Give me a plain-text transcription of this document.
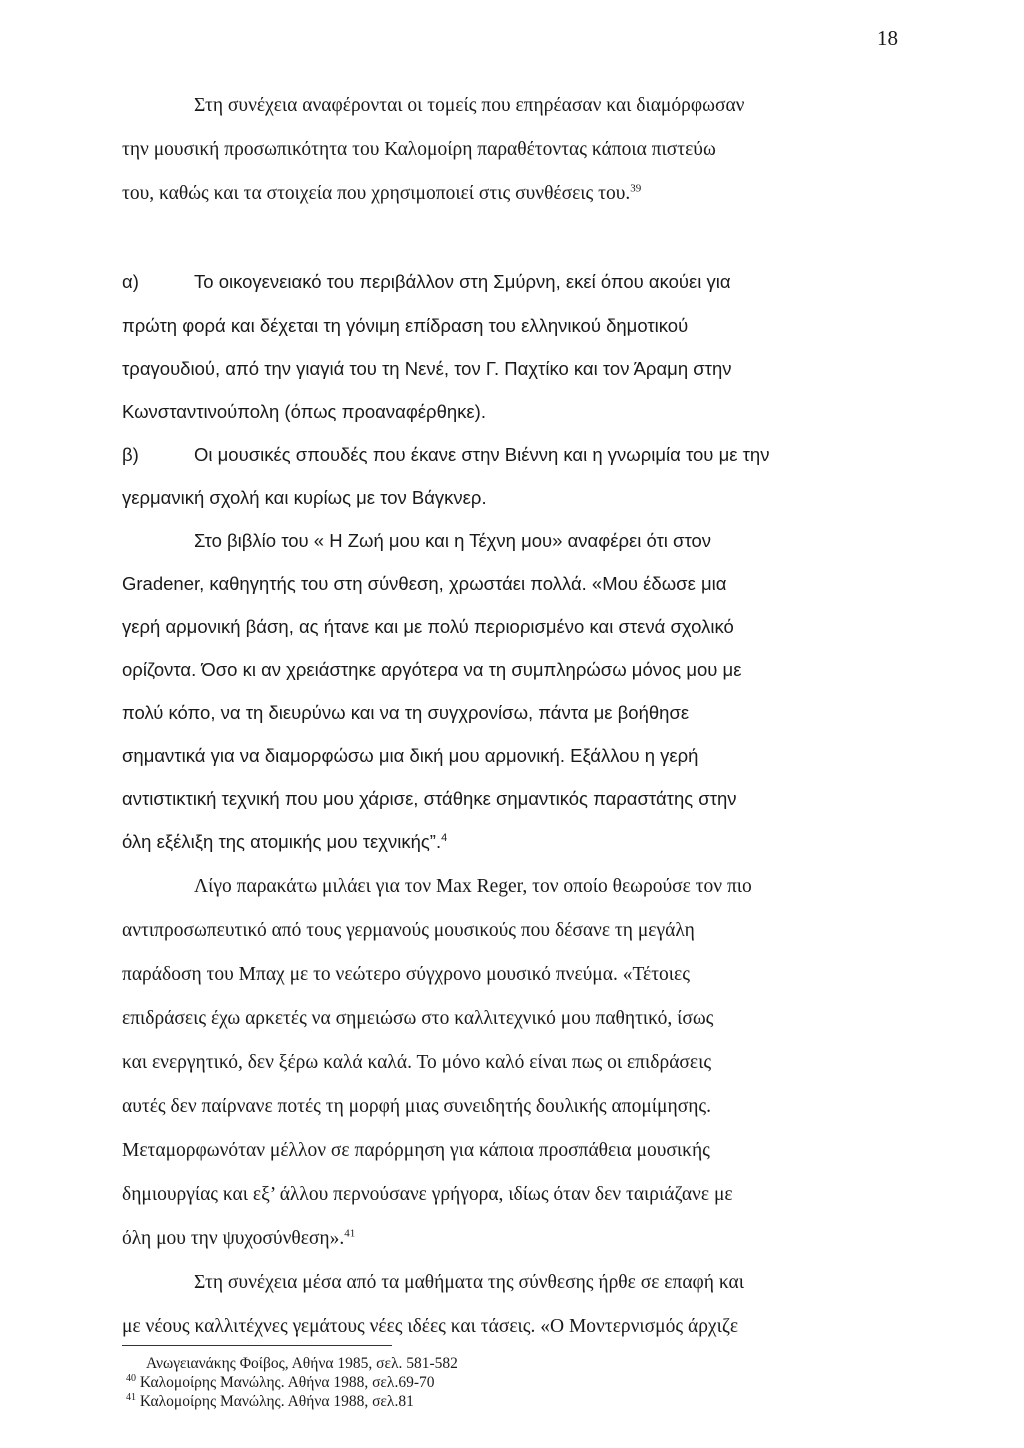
18
Στη συνέχεια αναφέρονται οι τομείς που επηρέασαν και διαμόρφωσαν
την μουσική προσωπικότητα του Καλομοίρη παραθέτοντας κάποια πιστεύω
του, καθώς και τα στοιχεία που χρησιμοποιεί στις συνθέσεις του.$^{39}$
α)	Το οικογενειακό του περιβάλλον στη Σμύρνη, εκεί όπου ακούει για
πρώτη φορά και δέχεται τη γόνιμη επίδραση του ελληνικού δημοτικού
τραγουδιού, από την γιαγιά του τη Νενέ, τον Γ. Παχτίκο και τον Άραμη στην
Κωνσταντινούπολη (όπως προαναφέρθηκε).
β)	Οι μουσικές σπουδές που έκανε στην Βιέννη και η γνωριμία του με την
γερμανική σχολή και κυρίως με τον Βάγκνερ.
Στο βιβλίο του « Η Ζωή μου και η Τέχνη μου» αναφέρει ότι στον
Gradener, καθηγητής του στη σύνθεση, χρωστάει πολλά. «Μου έδωσε μια
γερή αρμονική βάση, ας ήτανε και με πολύ περιορισμένο και στενά σχολικό
ορίζοντα. Όσο κι αν χρειάστηκε αργότερα να τη συμπληρώσω μόνος μου με
πολύ κόπο, να τη διευρύνω και να τη συγχρονίσω, πάντα με βοήθησε
σημαντικά για να διαμορφώσω μια δική μου αρμονική. Εξάλλου η γερή
αντιστικτική τεχνική που μου χάρισε, στάθηκε σημαντικός παραστάτης στην
όλη εξέλιξη της ατομικής μου τεχνικής”.$^4$
Λίγο παρακάτω μιλάει για τον Max Reger, τον οποίο θεωρούσε τον πιο
αντιπροσωπευτικό από τους γερμανούς μουσικούς που δέσανε τη μεγάλη
παράδοση του Μπαχ με το νεώτερο σύγχρονο μουσικό πνεύμα. «Τέτοιες
επιδράσεις έχω αρκετές να σημειώσω στο καλλιτεχνικό μου παθητικό, ίσως
και ενεργητικό, δεν ξέρω καλά καλά. Το μόνο καλό είναι πως οι επιδράσεις
αυτές δεν παίρνανε ποτές τη μορφή μιας συνειδητής δουλικής απομίμησης.
Μεταμορφωνόταν μέλλον σε παρόρμηση για κάποια προσπάθεια μουσικής
δημιουργίας και εξ’ άλλου περνούσανε γρήγορα, ιδίως όταν δεν ταιριάζανε με
όλη μου την ψυχοσύνθεση».$^{41}$
Στη συνέχεια μέσα από τα μαθήματα της σύνθεσης ήρθε σε επαφή και
με νέους καλλιτέχνες γεμάτους νέες ιδέες και τάσεις. «Ο Μοντερνισμός άρχιζε
Ανωγειανάκης Φοίβος, Αθήνα 1985, σελ. 581-582
$^{40}$ Καλομοίρης Μανώλης. Αθήνα 1988, σελ.69-70
$^{41}$ Καλομοίρης Μανώλης. Αθήνα 1988, σελ.81
